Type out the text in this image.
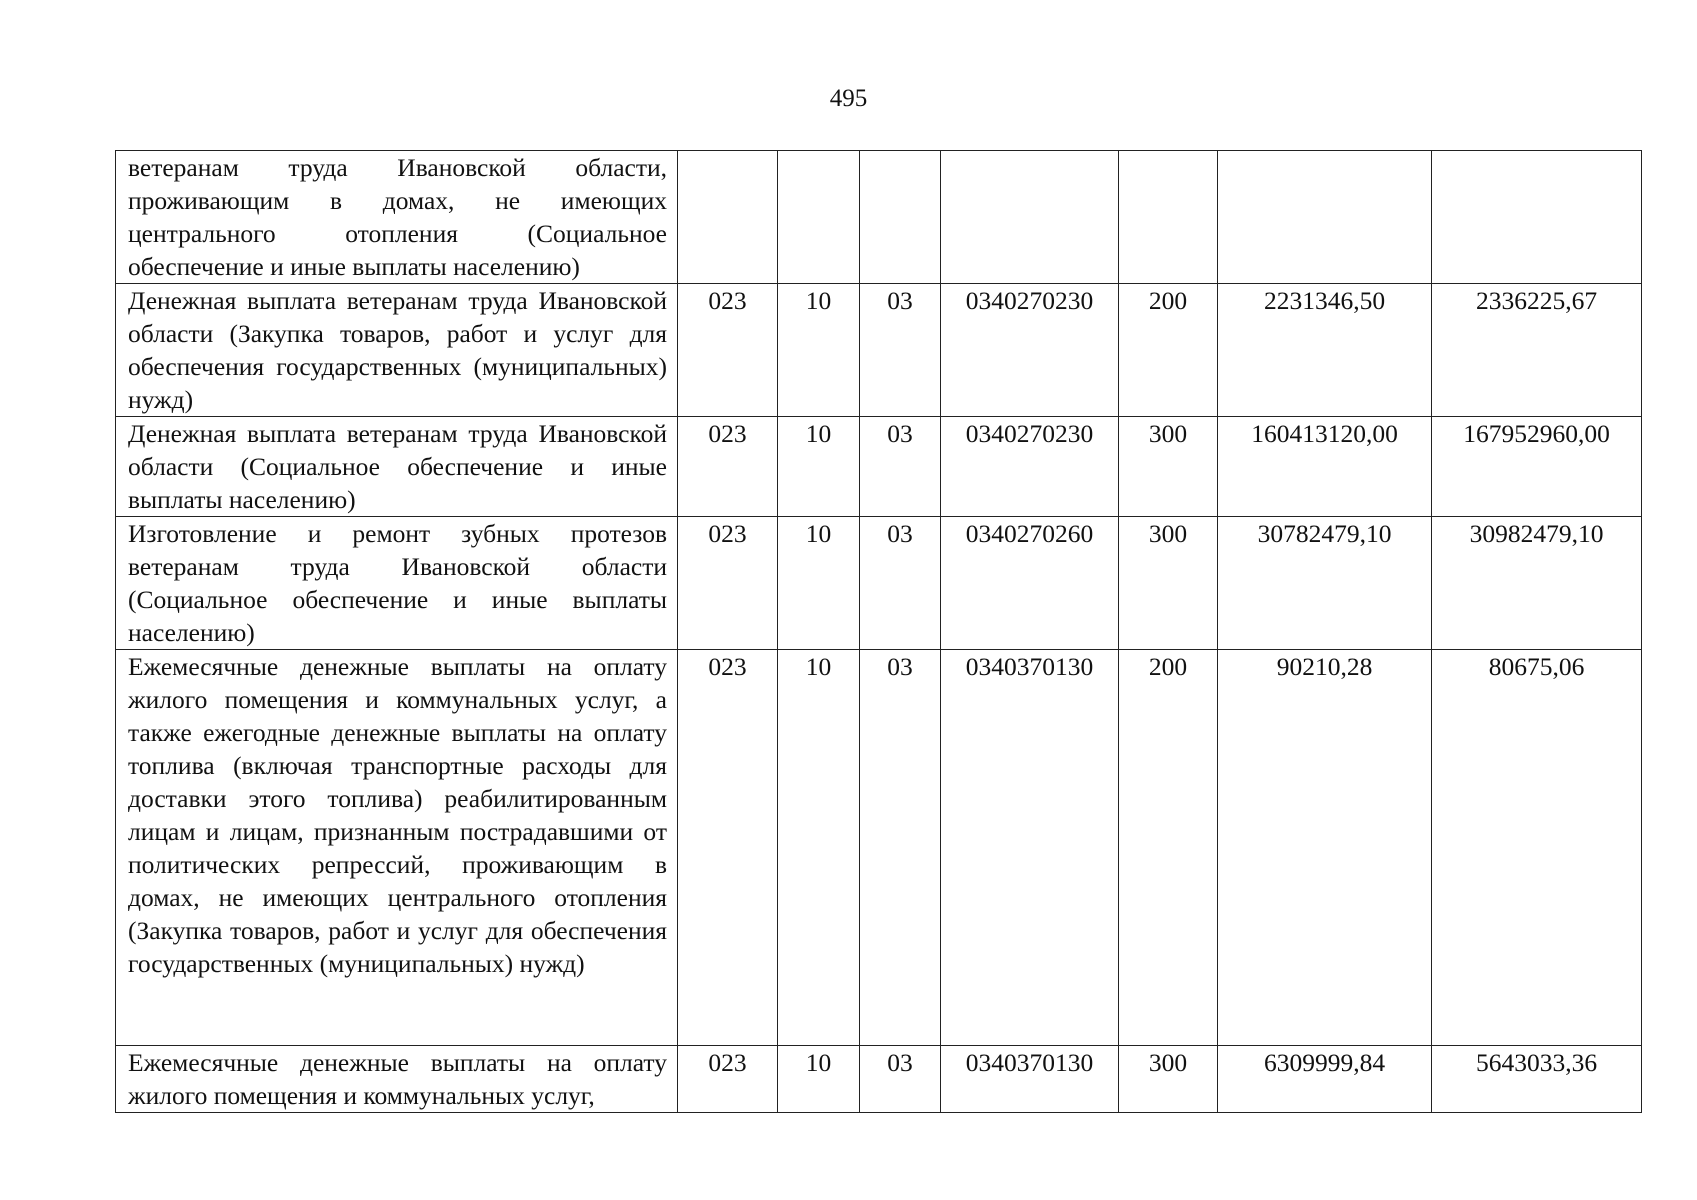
495
ветеранам труда Ивановской области, проживающим в домах, не имеющих центрального отопления (Социальное обеспечение и иные выплаты населению)							
Денежная выплата ветеранам труда Ивановской области (Закупка товаров, работ и услуг для обеспечения государственных (муниципальных) нужд)	023	10	03	0340270230	200	2231346,50	2336225,67
Денежная выплата ветеранам труда Ивановской области (Социальное обеспечение и иные выплаты населению)	023	10	03	0340270230	300	160413120,00	167952960,00
Изготовление и ремонт зубных протезов ветеранам труда Ивановской области (Социальное обеспечение и иные выплаты населению)	023	10	03	0340270260	300	30782479,10	30982479,10
Ежемесячные денежные выплаты на оплату жилого помещения и коммунальных услуг, а также ежегодные денежные выплаты на оплату топлива (включая транспортные расходы для доставки этого топлива) реабилитированным лицам и лицам, признанным пострадавшими от политических репрессий, проживающим в домах, не имеющих центрального отопления (Закупка товаров, работ и услуг для обеспечения государственных (муниципальных) нужд)	023	10	03	0340370130	200	90210,28	80675,06
Ежемесячные денежные выплаты на оплату жилого помещения и коммунальных услуг,	023	10	03	0340370130	300	6309999,84	5643033,36
